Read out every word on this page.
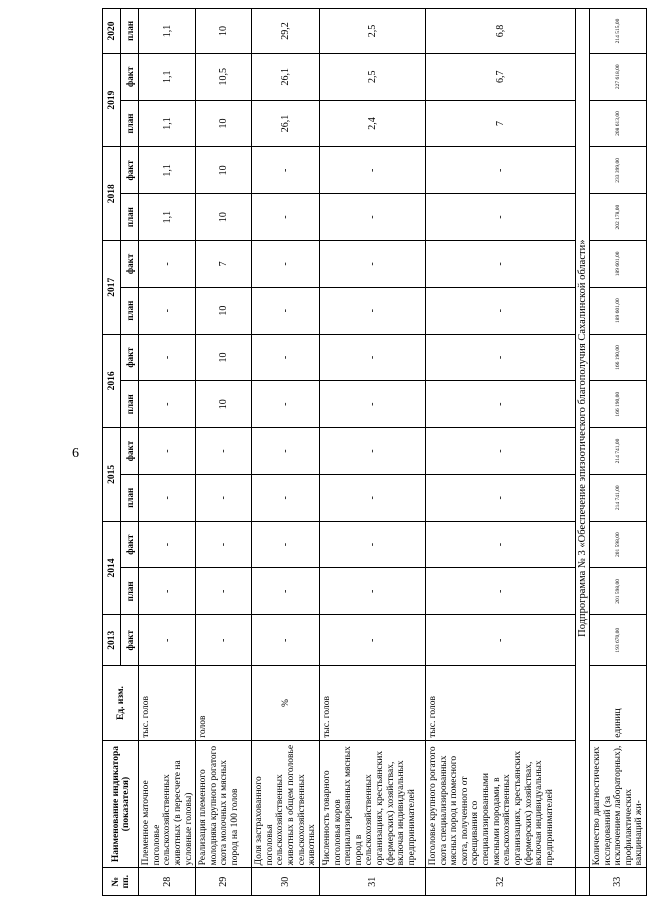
6
№ пп.	Наименование индикатора (показателя)	Ед. изм.	2013	2014		2015		2016		2017		2018		2019		2020
			факт	план	факт	план	факт	план	факт	план	факт	план	факт	план	факт	план
28	Племенное маточное поголовье сельскохозяйственных животных (в пересчете на условные головы)	тыс. голов	-	-	-	-	-	-	-	-	-	1,1	1,1	1,1	1,1	1,1
29	Реализация племенного молодняка крупного рогатого скота молочных и мясных пород на 100 голов	голов	-	-	-	-	-	10	10	10	7	10	10	10	10,5	10
30	Доля застрахованного поголовья сельскохозяйственных животных в общем поголовье сельскохозяйственных животных	%	-	-	-	-	-	-	-	-	-	-	-	26,1	26,1	29,2
31	Численность товарного поголовья коров специализированных мясных пород в сельскохозяйственных организациях, крестьянских (фермерских) хозяйствах, включая индивидуальных предпринимателей	тыс. голов	-	-	-	-	-	-	-	-	-	-	-	2,4	2,5	2,5
32	Поголовье крупного рогатого скота специализированных мясных пород и помесного скота, полученного от скрещивания со специализированными мясными породами, в сельскохозяйственных организациях, крестьянских (фермерских) хозяйствах, включая индивидуальных предпринимателей	тыс. голов	-	-	-	-	-	-	-	-	-	-	-	7	6,7	6,8
	Подпрограмма № 3 «Обеспечение эпизоотического благополучия Сахалинской области»															
33	Количество диагностических исследований (за исключением лабораторных), профилактических вакцинаций жи-	единиц	193 670,00	201 598,00	201 598,00	214 741,00	214 741,00	166 190,00	166 190,00	189 601,00	189 601,00	202 178,00	233 399,00	208 613,00	227 618,00	214 515,00
